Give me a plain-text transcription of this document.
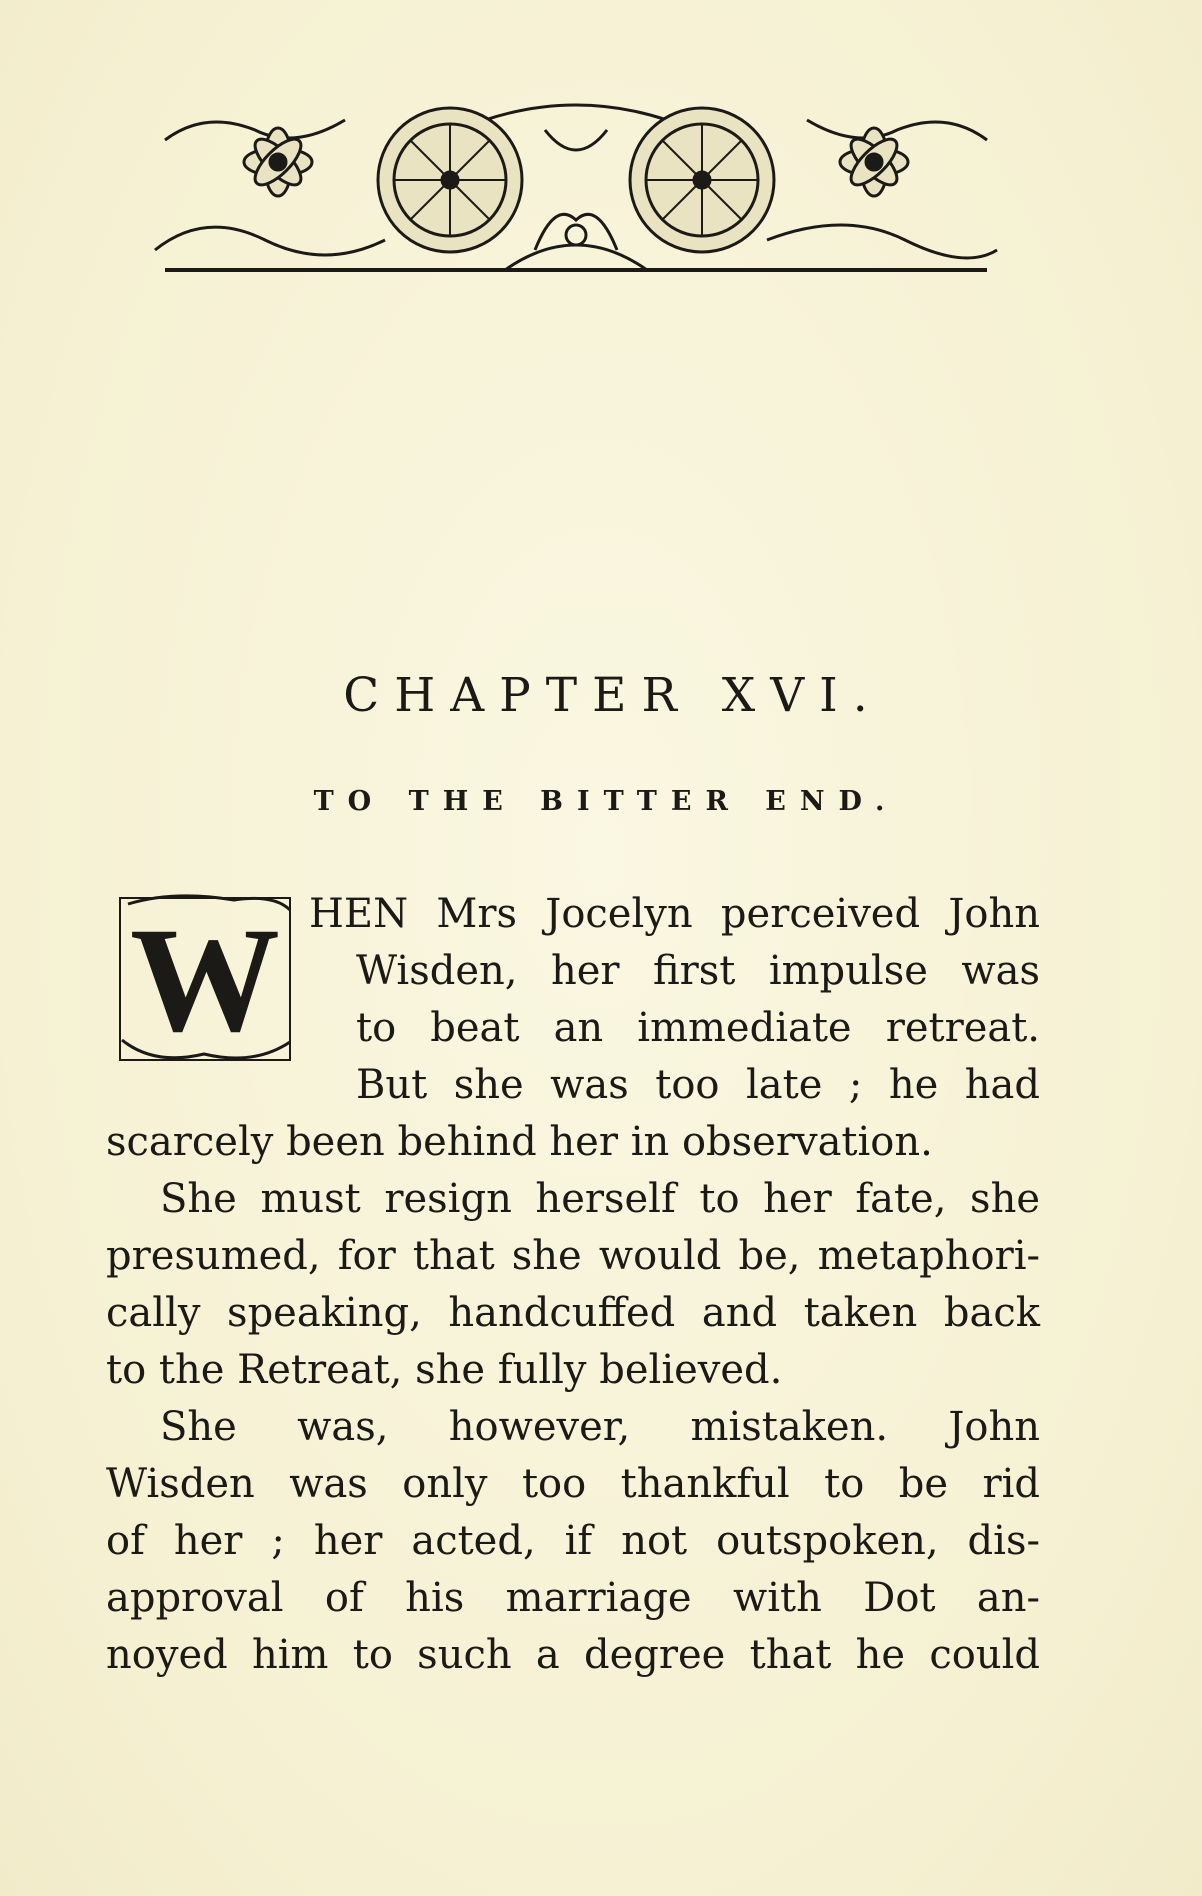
CHAPTER XVI.
TO THE BITTER END.
W HEN Mrs Jocelyn perceived John

Wisden, her first impulse was

to beat an immediate retreat.

But she was too late ; he had

scarcely been behind her in observation.

She must resign herself to her fate, she

presumed, for that she would be, metaphori-

cally speaking, handcuffed and taken back

to the Retreat, she fully believed.

She was, however, mistaken. John

Wisden was only too thankful to be rid

of her ; her acted, if not outspoken, dis-

approval of his marriage with Dot an-

noyed him to such a degree that he could
